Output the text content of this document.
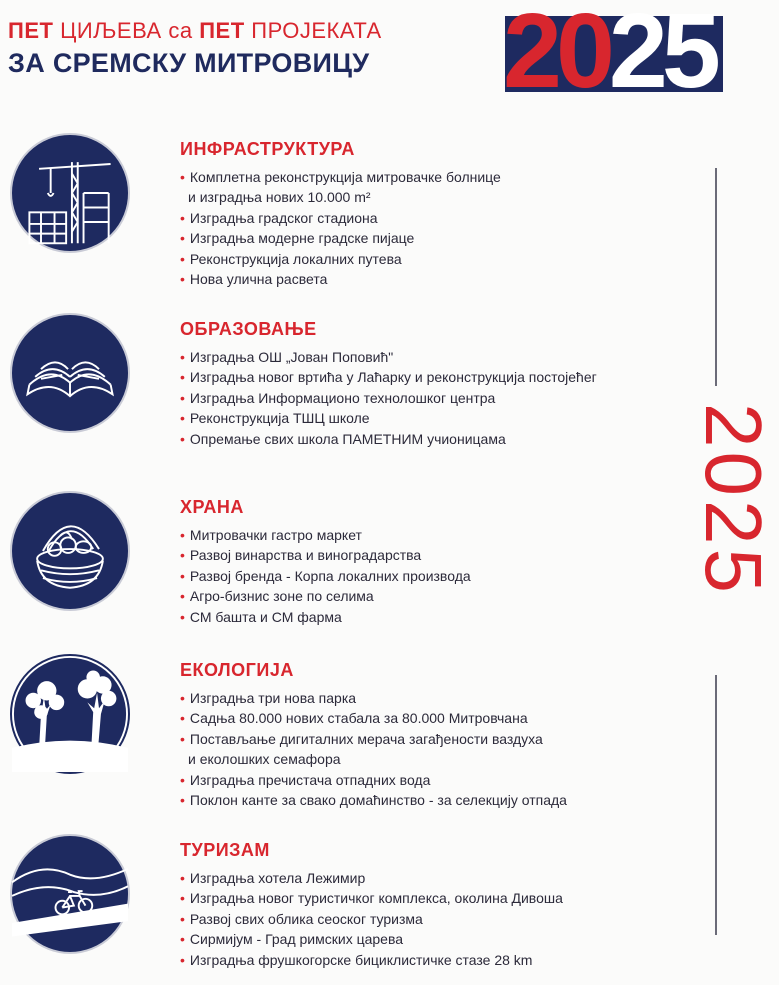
ПЕТ ЦИЉЕВА са ПЕТ ПРОЈЕКАТА
ЗА СРЕМСКУ МИТРОВИЦУ 2025
2025
ИНФРАСТРУКТУРА
• Комплетна реконструкција митровачке болнице
и изградња нових 10.000 m²
• Изградња градског стадиона
• Изградња модерне градске пијаце
• Реконструкција локалних путева
• Нова улична расвета
ОБРАЗОВАЊЕ
• Изградња ОШ „Јован Поповић"
• Изградња новог вртића у Лаћарку и реконструкција постојећег
• Изградња Информационо технолошког центра
• Реконструкција ТШЦ школе
• Опремање свих школа ПАМЕТНИМ учионицама
ХРАНА
• Митровачки гастро маркет
• Развој винарства и виноградарства
• Развој бренда - Корпа локалних производа
• Агро-бизнис зоне по селима
• СМ башта и СМ фарма
ЕКОЛОГИЈА
• Изградња три нова парка
• Садња 80.000 нових стабала за 80.000 Митровчана
• Постављање дигиталних мерача загађености ваздуха
и еколошких семафора
• Изградња пречистача отпадних вода
• Поклон канте за свако домаћинство - за селекцију отпада
ТУРИЗАМ
• Изградња хотела Лежимир
• Изградња новог туристичког комплекса, околина Дивоша
• Развој свих облика сеоског туризма
• Сирмијум - Град римских царева
• Изградња фрушкогорске бициклистичке стазе 28 km
